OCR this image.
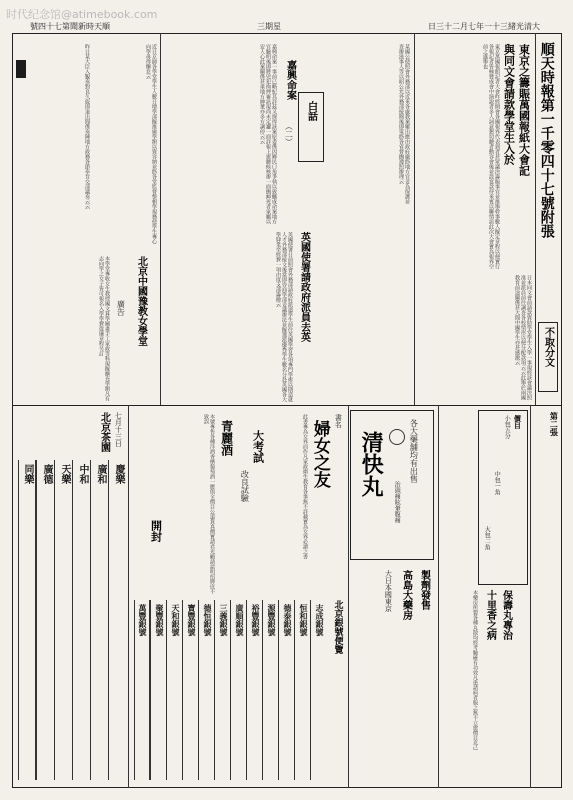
时代纪念馆@atimebook.com
號四十七第聞新時天順	三期星	日三十二月七年一十三緒光清大
順天時報第一千零四十七號附張
不取分文
東京之籌賑萬國報紙大會記
與同文會請款學堂生入於
東京萬國報館記者大會昨經開會各國報界代表到者甚眾議決籌賑事宜並推舉幹事數人擬定章程以便實行各報記者皆極贊成會中演說者多人詞意懇切聽者動容會後並設宴款待來賓以聯情誼此次大會實為報界空前之盛舉也
日本同文會前請款資助學堂學生入學一事現經該會議決照准並派員前往調查各校情形以便分配款項云云此舉於兩國教育前途關係甚大聞中國學生亦甚感激云
某國公使照會外務部以近來各處教案屢出應由政府嚴飭地方官妥為保護並查辦滋事人等以昭公允外務部接閱後即電飭各省督撫遵照辦理云
白話
嘉興命案
（二）
嘉興命案一事前已略紀其詳茲又探得該案原委係因鄉民口角爭執以致釀成命案地方官驗明後即將兇犯拘押審訊現尚未定讞一面詳報上憲聽候核辦一面撫卹死者家屬以安人心此案關係甚重地方紳董亦多方調停云云
英國使署請政府派員去英
英國使署日前照會外務部請政府派遣學生前往英國學習各項專門學術以期造就人才外務部接文後當即咨商學部妥議辦法並擬選派優秀學生數名分赴英國各大學肄業至經費一項由度支部籌撥云
近日京師各學堂學生人數日增學部擬推廣學額以資容納並飭各堂監督整頓學規務使學生專心向學毋得懈怠云
北京中國豫教女學堂
廣告
本學堂專收女生教授國文算學圖畫手工家政等科現擬擴充學額凡有志向學之女子皆可報名入學學費從廉章程另訂
昨日某大臣入覲奏對良久旋即退出聞係奏陳地方政務各節奉旨交部議奏云云
第二張
價目
小包五分
中包一角
大包二角
保壽丸專治
十里香之病
本藥房所製各種丸散均經考驗確有功效凡患諸病者服之無不立愈價目克己
清快丸	各大藥舖均有出售
治頭痛眩暈腹痛
製劑發售
高島大藥房
大日本國東京
北京銀號便覽
志成銀號
恒和銀號
德泰銀號
源豐銀號
裕豐銀號
廣順銀號
三義銀號
德恒銀號
寶豐銀號
天和銀號
聚豐銀號
萬豐銀號
書名
婦女之友
此書專為女界而作凡家政衛生教育各事無不詳載實為女界必讀之書
大考試
改良試驗
青麗酒
本號專售各種洋酒香檳葡萄酒一應俱全價目公道貨真價實諸君光顧請認明招牌庶不致誤
開封
七月十三日
北京茶園
慶樂
廣和
中和
天樂
廣德
同樂
